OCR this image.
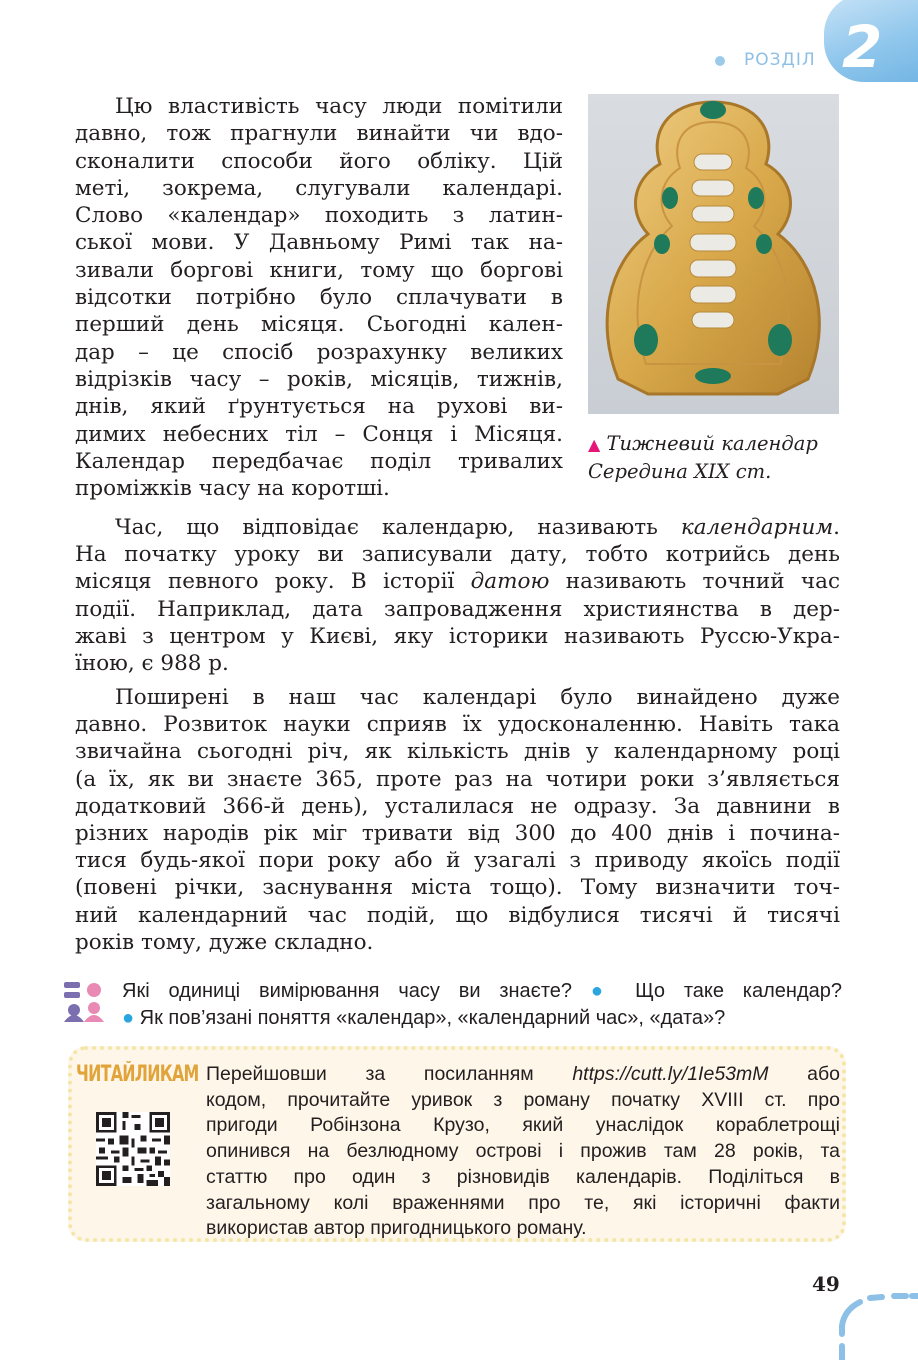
2
РОЗДІЛ
Цю властивість часу люди помітили
давно, тож прагнули винайти чи вдо-
сконалити способи його обліку. Цій
меті, зокрема, слугували календарі.
Слово «календар» походить з латин-
ської мови. У Давньому Римі так на-
зивали боргові книги, тому що боргові
відсотки потрібно було сплачувати в
перший день місяця. Сьогодні кален-
дар – це спосіб розрахунку великих
відрізків часу – років, місяців, тижнів,
днів, який ґрунтується на рухові ви-
димих небесних тіл – Сонця і Місяця.
Календар передбачає поділ тривалих
проміжків часу на коротші.
▲ Тижневий календар
Середина XIX ст.
Час, що відповідає календарю, називають календарним.
На початку уроку ви записували дату, тобто котрийсь день
місяця певного року. В історії датою називають точний час
події. Наприклад, дата запровадження християнства в дер-
жаві з центром у Києві, яку історики називають Руссю-Укра-
їною, є 988 р.
Поширені в наш час календарі було винайдено дуже
давно. Розвиток науки сприяв їх удосконаленню. Навіть така
звичайна сьогодні річ, як кількість днів у календарному році
(а їх, як ви знаєте 365, проте раз на чотири роки з’являється
додатковий 366-й день), усталилася не одразу. За давнини в
різних народів рік міг тривати від 300 до 400 днів і почина-
тися будь-якої пори року або й узагалі з приводу якоїсь події
(повені річки, заснування міста тощо). Тому визначити точ-
ний календарний час подій, що відбулися тисячі й тисячі
років тому, дуже складно.
Які одиниці вимірювання часу ви знаєте? ● Що таке календар?
● Як пов’язані поняття «календар», «календарний час», «дата»?
ЧИТАЙЛИКАМ Перейшовши за посиланням https://cutt.ly/1Ie53mM або
кодом, прочитайте уривок з роману початку XVIII ст. про
пригоди Робінзона Крузо, який унаслідок кораблетрощі
опинився на безлюдному острові і прожив там 28 років, та
статтю про один з різновидів календарів. Поділіться в
загальному колі враженнями про те, які історичні факти
використав автор пригодницького роману.
49
